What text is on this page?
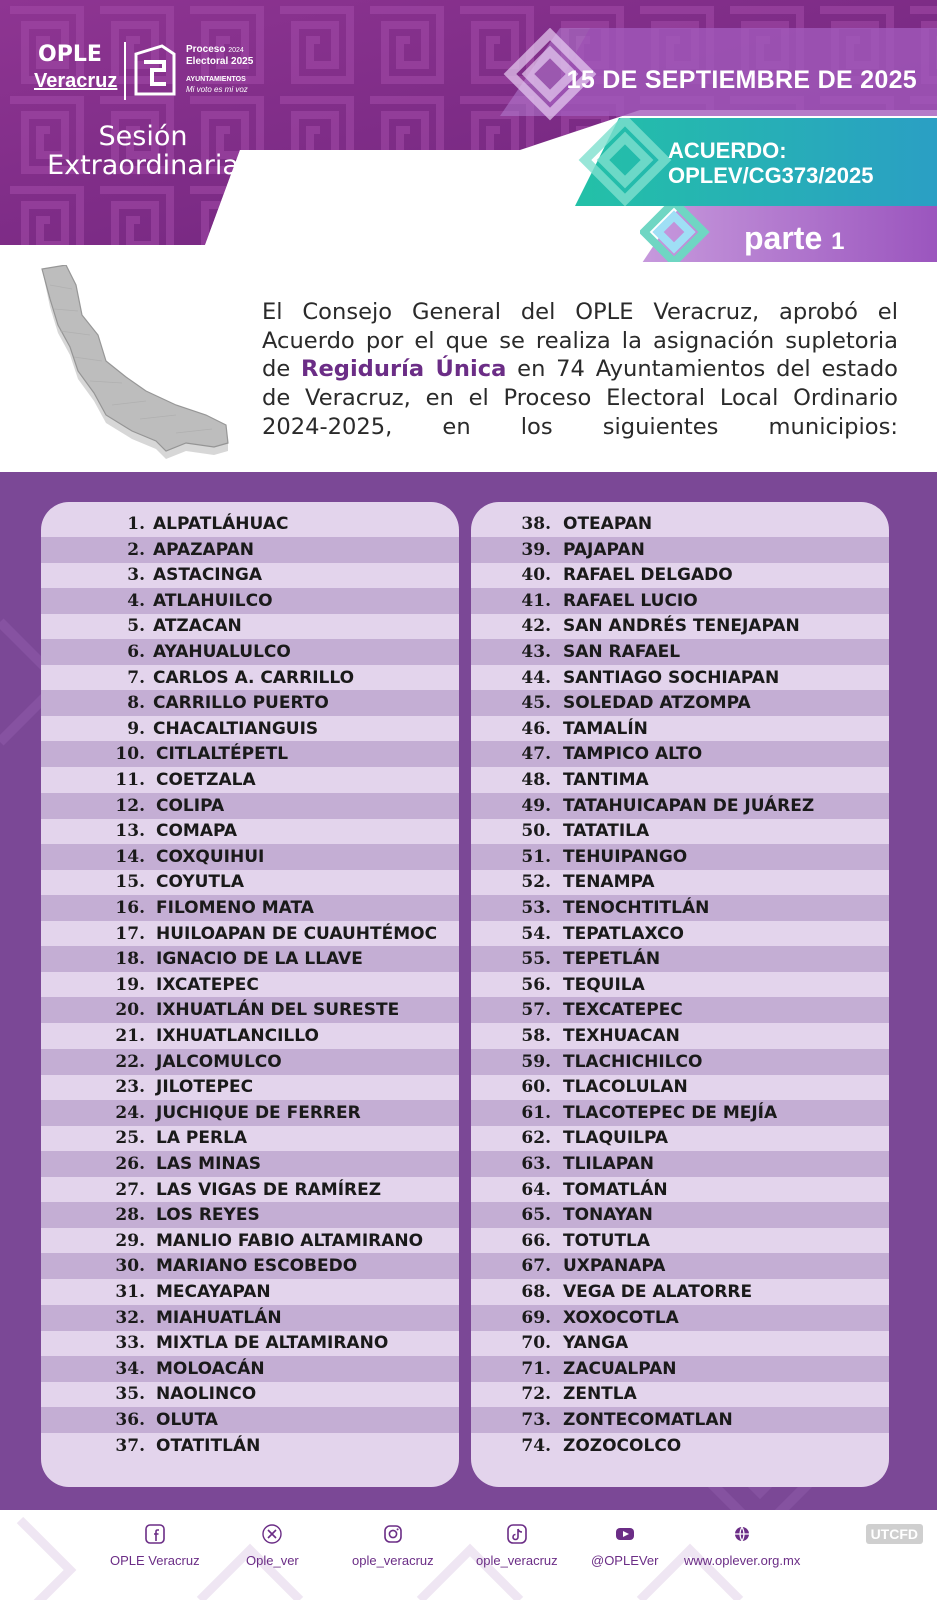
OPLE
Veracruz
Proceso 2024
Electoral 2025
AYUNTAMIENTOS
Mi voto es mi voz
Sesión
Extraordinaria
15 DE SEPTIEMBRE DE 2025
ACUERDO:
OPLEV/CG373/2025
parte 1
El Consejo General del OPLE Veracruz, aprobó el Acuerdo por el que se realiza la asignación supletoria de Regiduría Única en 74 Ayuntamientos del estado de Veracruz, en el Proceso Electoral Local Ordinario 2024-2025, en los siguientes municipios:
1. ALPATLÁHUAC
2. APAZAPAN
3. ASTACINGA
4. ATLAHUILCO
5. ATZACAN
6. AYAHUALULCO
7. CARLOS A. CARRILLO
8. CARRILLO PUERTO
9. CHACALTIANGUIS
10. CITLALTÉPETL
11. COETZALA
12. COLIPA
13. COMAPA
14. COXQUIHUI
15. COYUTLA
16. FILOMENO MATA
17. HUILOAPAN DE CUAUHTÉMOC
18. IGNACIO DE LA LLAVE
19. IXCATEPEC
20. IXHUATLÁN DEL SURESTE
21. IXHUATLANCILLO
22. JALCOMULCO
23. JILOTEPEC
24. JUCHIQUE DE FERRER
25. LA PERLA
26. LAS MINAS
27. LAS VIGAS DE RAMÍREZ
28. LOS REYES
29. MANLIO FABIO ALTAMIRANO
30. MARIANO ESCOBEDO
31. MECAYAPAN
32. MIAHUATLÁN
33. MIXTLA DE ALTAMIRANO
34. MOLOACÁN
35. NAOLINCO
36. OLUTA
37. OTATITLÁN
38. OTEAPAN
39. PAJAPAN
40. RAFAEL DELGADO
41. RAFAEL LUCIO
42. SAN ANDRÉS TENEJAPAN
43. SAN RAFAEL
44. SANTIAGO SOCHIAPAN
45. SOLEDAD ATZOMPA
46. TAMALÍN
47. TAMPICO ALTO
48. TANTIMA
49. TATAHUICAPAN DE JUÁREZ
50. TATATILA
51. TEHUIPANGO
52. TENAMPA
53. TENOCHTITLÁN
54. TEPATLAXCO
55. TEPETLÁN
56. TEQUILA
57. TEXCATEPEC
58. TEXHUACAN
59. TLACHICHILCO
60. TLACOLULAN
61. TLACOTEPEC DE MEJÍA
62. TLAQUILPA
63. TLILAPAN
64. TOMATLÁN
65. TONAYAN
66. TOTUTLA
67. UXPANAPA
68. VEGA DE ALATORRE
69. XOXOCOTLA
70. YANGA
71. ZACUALPAN
72. ZENTLA
73. ZONTECOMATLAN
74. ZOZOCOLCO
OPLE Veracruz	Ople_ver	ople_veracruz	ople_veracruz	@OPLEVer www.oplever.org.mx
UTCFD
